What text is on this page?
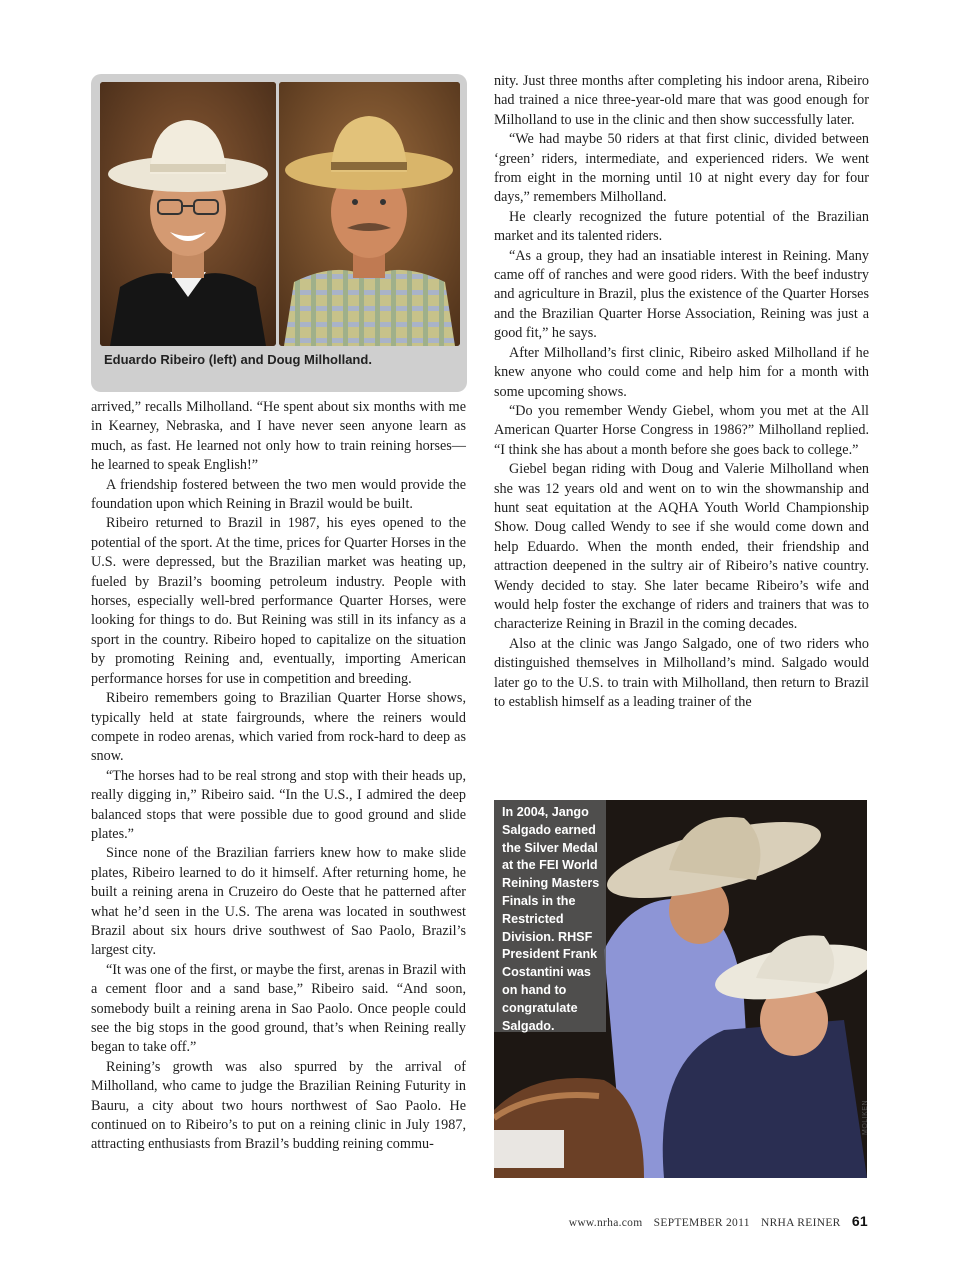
Eduardo Ribeiro (left) and Doug Milholland.

arrived,” recalls Milholland. “He spent about six months with me in Kearney, Nebraska, and I have never seen anyone learn as much, as fast. He learned not only how to train reining horses—he learned to speak English!”

A friendship fostered between the two men would provide the foundation upon which Reining in Brazil would be built.

Ribeiro returned to Brazil in 1987, his eyes opened to the potential of the sport. At the time, prices for Quarter Horses in the U.S. were depressed, but the Brazilian market was heating up, fueled by Brazil’s booming petroleum industry. People with horses, especially well-bred performance Quarter Horses, were looking for things to do. But Reining was still in its infancy as a sport in the country. Ribeiro hoped to capitalize on the situation by promoting Reining and, eventually, importing American performance horses for use in competition and breeding.

Ribeiro remembers going to Brazilian Quarter Horse shows, typically held at state fairgrounds, where the reiners would compete in rodeo arenas, which varied from rock-hard to deep as snow.

“The horses had to be real strong and stop with their heads up, really digging in,” Ribeiro said. “In the U.S., I admired the deep balanced stops that were possible due to good ground and slide plates.”

Since none of the Brazilian farriers knew how to make slide plates, Ribeiro learned to do it himself. After returning home, he built a reining arena in Cruzeiro do Oeste that he patterned after what he’d seen in the U.S. The arena was located in southwest Brazil about six hours drive southwest of Sao Paolo, Brazil’s largest city.

“It was one of the first, or maybe the first, arenas in Brazil with a cement floor and a sand base,” Ribeiro said. “And soon, somebody built a reining arena in Sao Paolo. Once people could see the big stops in the good ground, that’s when Reining really began to take off.”

Reining’s growth was also spurred by the arrival of Milholland, who came to judge the Brazilian Reining Futurity in Bauru, a city about two hours northwest of Sao Paolo. He continued on to Ribeiro’s to put on a reining clinic in July 1987, attracting enthusiasts from Brazil’s budding reining commu-

nity. Just three months after completing his indoor arena, Ribeiro had trained a nice three-year-old mare that was good enough for Milholland to use in the clinic and then show successfully later.

“We had maybe 50 riders at that first clinic, divided between ‘green’ riders, intermediate, and experienced riders. We went from eight in the morning until 10 at night every day for four days,” remembers Milholland.

He clearly recognized the future potential of the Brazilian market and its talented riders.

“As a group, they had an insatiable interest in Reining. Many came off of ranches and were good riders. With the beef industry and agriculture in Brazil, plus the existence of the Quarter Horses and the Brazilian Quarter Horse Association, Reining was just a good fit,” he says.

After Milholland’s first clinic, Ribeiro asked Milholland if he knew anyone who could come and help him for a month with some upcoming shows.

“Do you remember Wendy Giebel, whom you met at the All American Quarter Horse Congress in 1986?” Milholland replied. “I think she has about a month before she goes back to college.”

Giebel began riding with Doug and Valerie Milholland when she was 12 years old and went on to win the showmanship and hunt seat equitation at the AQHA Youth World Championship Show. Doug called Wendy to see if she would come down and help Eduardo. When the month ended, their friendship and attraction deepened in the sultry air of Ribeiro’s native country. Wendy decided to stay. She later became Ribeiro’s wife and would help foster the exchange of riders and trainers that was to characterize Reining in Brazil in the coming decades.

Also at the clinic was Jango Salgado, one of two riders who distinguished themselves in Milholland’s mind. Salgado would later go to the U.S. to train with Milholland, then return to Brazil to establish himself as a leading trainer of the

In 2004, Jango Salgado earned the Silver Medal at the FEI World Reining Masters Finals in the Restricted Division. RHSF President Frank Costantini was on hand to congratulate Salgado.
MOLIKEN
www.nrha.com SEPTEMBER 2011 NRHA REINER 61
